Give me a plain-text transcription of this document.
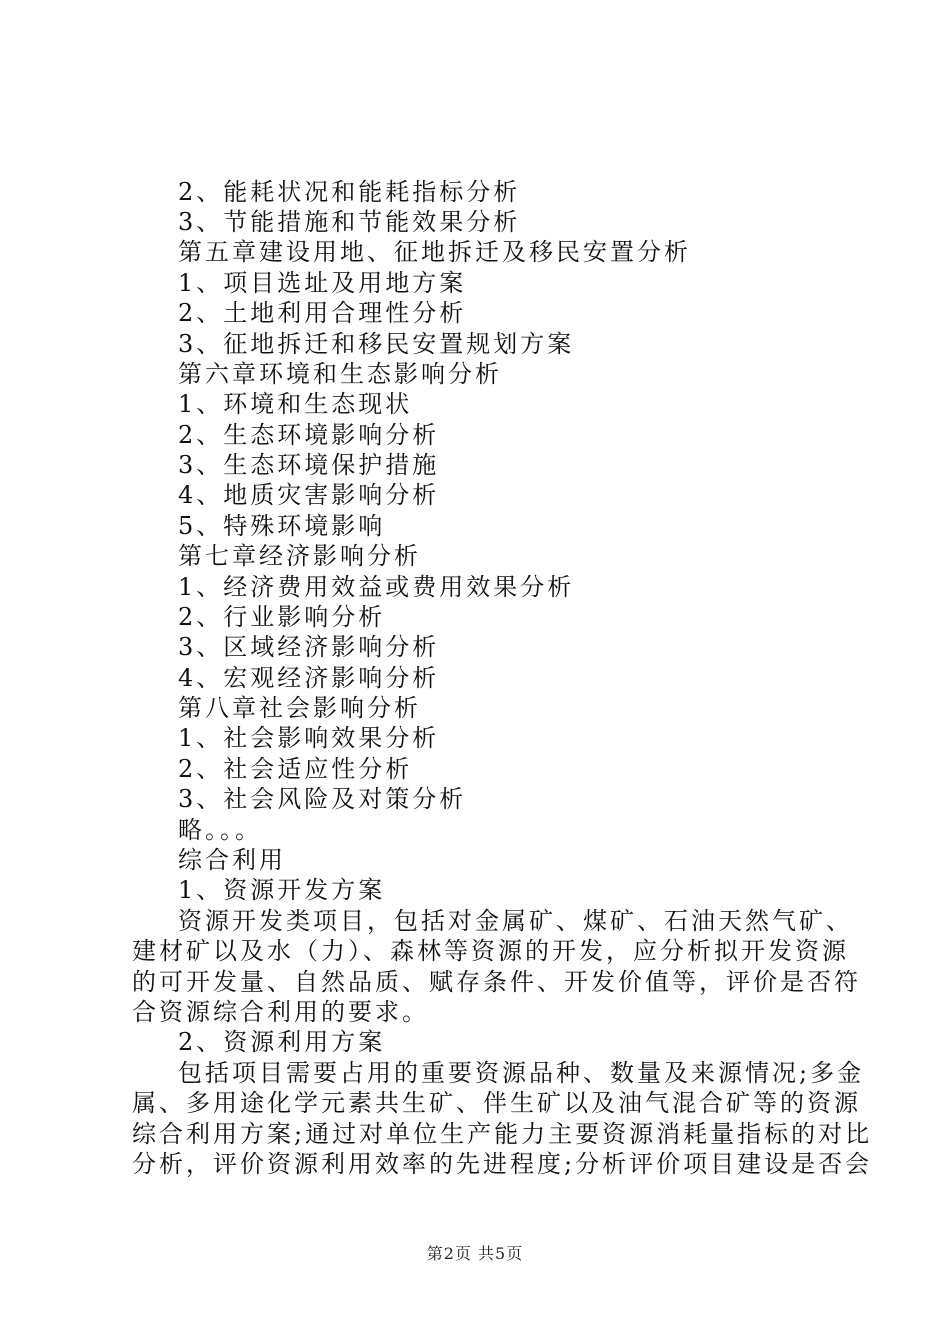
2、能耗状况和能耗指标分析
3、节能措施和节能效果分析
第五章建设用地、征地拆迁及移民安置分析
1、项目选址及用地方案
2、土地利用合理性分析
3、征地拆迁和移民安置规划方案
第六章环境和生态影响分析
1、环境和生态现状
2、生态环境影响分析
3、生态环境保护措施
4、地质灾害影响分析
5、特殊环境影响
第七章经济影响分析
1、经济费用效益或费用效果分析
2、行业影响分析
3、区域经济影响分析
4、宏观经济影响分析
第八章社会影响分析
1、社会影响效果分析
2、社会适应性分析
3、社会风险及对策分析
略。。。
综合利用
1、资源开发方案
资源开发类项目，包括对金属矿、煤矿、石油天然气矿、
建材矿以及水（力）、森林等资源的开发，应分析拟开发资源
的可开发量、自然品质、赋存条件、开发价值等，评价是否符
合资源综合利用的要求。
2、资源利用方案
包括项目需要占用的重要资源品种、数量及来源情况;多金
属、多用途化学元素共生矿、伴生矿以及油气混合矿等的资源
综合利用方案;通过对单位生产能力主要资源消耗量指标的对比
分析，评价资源利用效率的先进程度;分析评价项目建设是否会
第2页 共5页
